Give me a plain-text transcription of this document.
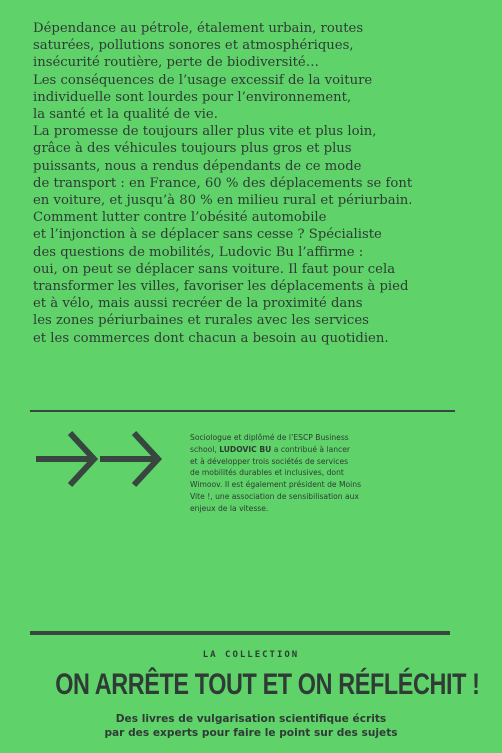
Dépendance au pétrole, étalement urbain, routes

saturées, pollutions sonores et atmosphériques,

insécurité routière, perte de biodiversité…

Les conséquences de l’usage excessif de la voiture

individuelle sont lourdes pour l’environnement,

la santé et la qualité de vie.

La promesse de toujours aller plus vite et plus loin,

grâce à des véhicules toujours plus gros et plus

puissants, nous a rendus dépendants de ce mode

de transport : en France, 60 % des déplacements se font

en voiture, et jusqu’à 80 % en milieu rural et périurbain.

Comment lutter contre l’obésité automobile

et l’injonction à se déplacer sans cesse ? Spécialiste

des questions de mobilités, Ludovic Bu l’affirme :

oui, on peut se déplacer sans voiture. Il faut pour cela

transformer les villes, favoriser les déplacements à pied

et à vélo, mais aussi recréer de la proximité dans

les zones périurbaines et rurales avec les services

et les commerces dont chacun a besoin au quotidien.

Sociologue et diplômé de l’ESCP Business
school, LUDOVIC BU a contribué à lancer
et à développer trois sociétés de services
de mobilités durables et inclusives, dont
Wimoov. Il est également président de Moins
Vite !, une association de sensibilisation aux
enjeux de la vitesse.
LA COLLECTION
ON ARRÊTE TOUT ET ON RÉFLÉCHIT !
Des livres de vulgarisation scientifique écrits
par des experts pour faire le point sur des sujets
